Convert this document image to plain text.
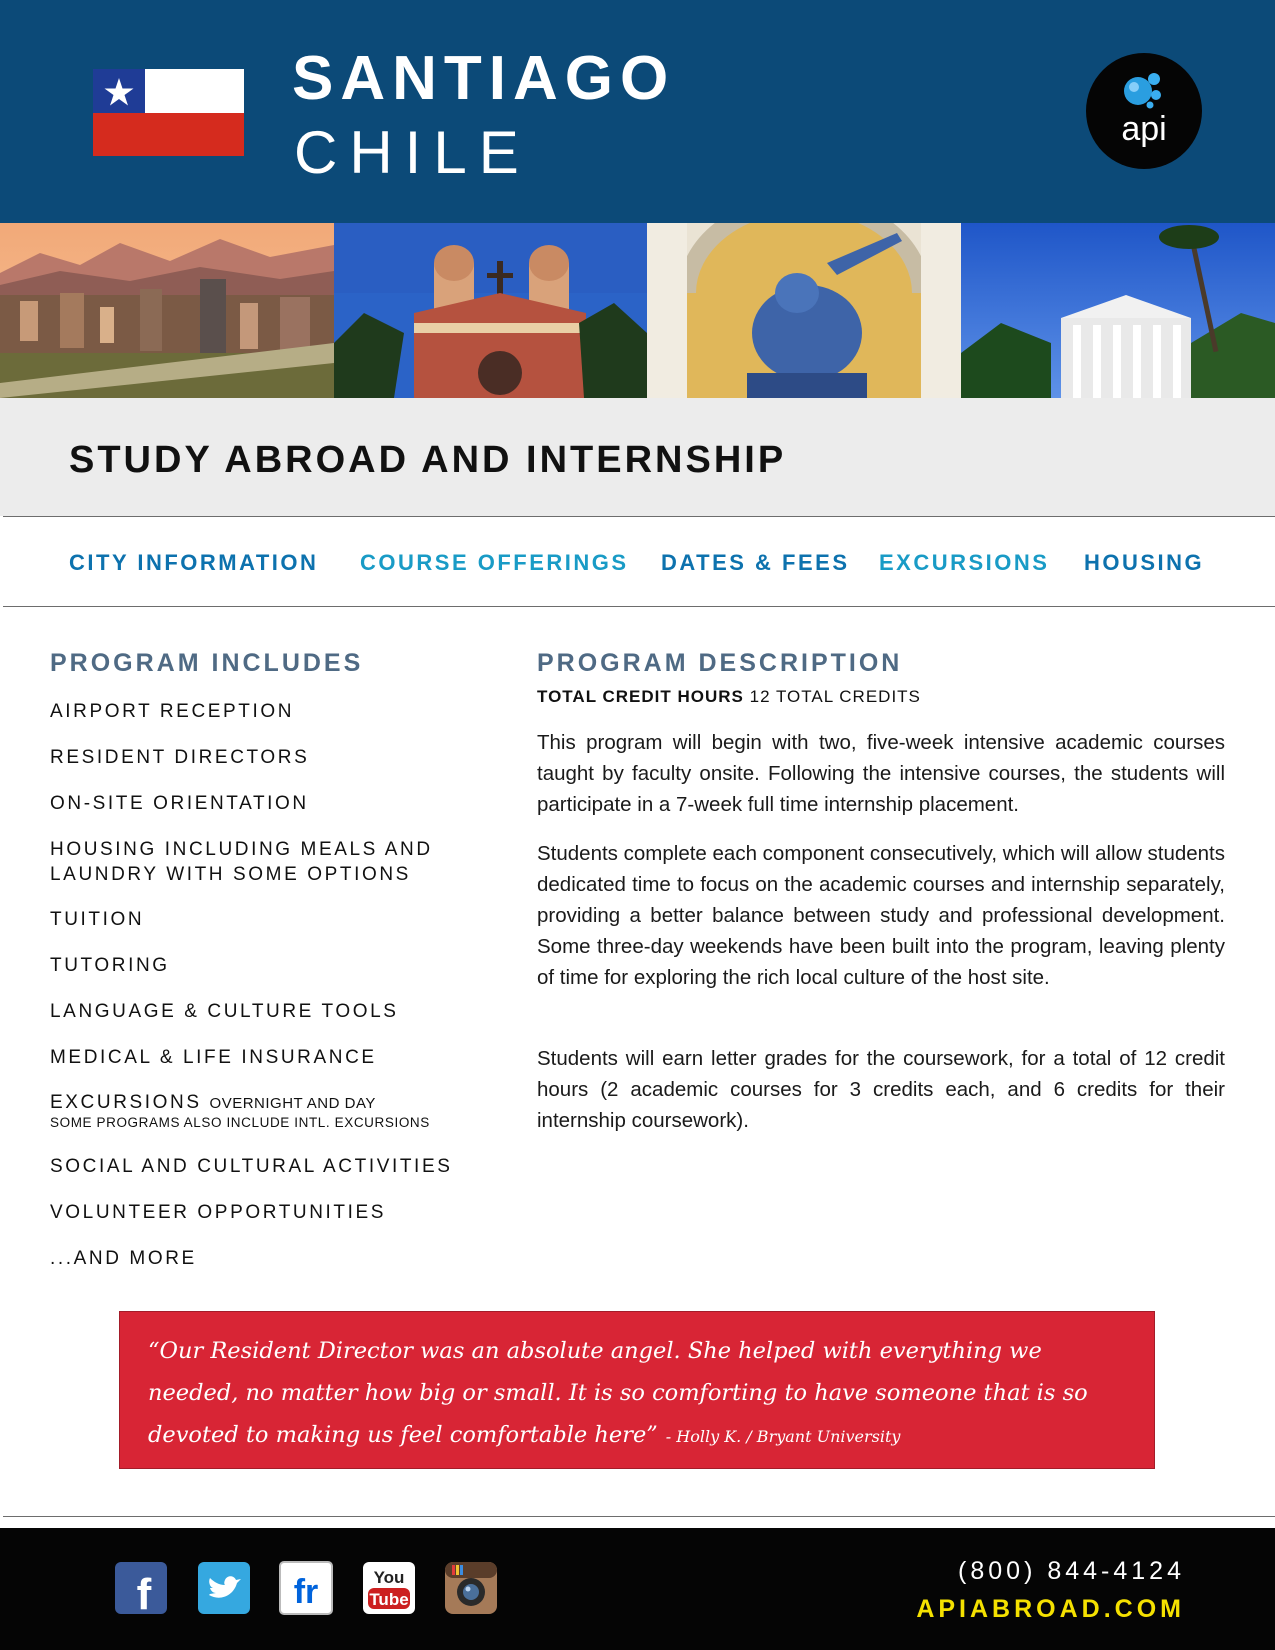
SANTIAGO
CHILE	api
STUDY ABROAD AND INTERNSHIP
CITY INFORMATION COURSE OFFERINGS DATES & FEES EXCURSIONS HOUSING
PROGRAM INCLUDES
AIRPORT RECEPTION
RESIDENT DIRECTORS
ON-SITE ORIENTATION
HOUSING INCLUDING MEALS AND
LAUNDRY WITH SOME OPTIONS
TUITION
TUTORING
LANGUAGE & CULTURE TOOLS
MEDICAL & LIFE INSURANCE
EXCURSIONS OVERNIGHT AND DAY
SOME PROGRAMS ALSO INCLUDE INTL. EXCURSIONS
SOCIAL AND CULTURAL ACTIVITIES
VOLUNTEER OPPORTUNITIES
...AND MORE
PROGRAM DESCRIPTION
TOTAL CREDIT HOURS 12 TOTAL CREDITS

This program will begin with two, five-week intensive academic courses taught by faculty onsite. Following the intensive courses, the students will participate in a 7-week full time internship placement.

Students complete each component consecutively, which will allow students dedicated time to focus on the academic courses and internship separately, providing a better balance between study and professional development. Some three-day weekends have been built into the program, leaving plenty of time for exploring the rich local culture of the host site.

Students will earn letter grades for the coursework, for a total of 12 credit hours (2 academic courses for 3 credits each, and 6 credits for their internship coursework).

“Our Resident Director was an absolute angel. She helped with everything we needed, no matter how big or small. It is so comforting to have someone that is so devoted to making us feel comfortable here” - Holly K. / Bryant University

f	fr	You
Tube
(800) 844-4124
APIABROAD.COM
